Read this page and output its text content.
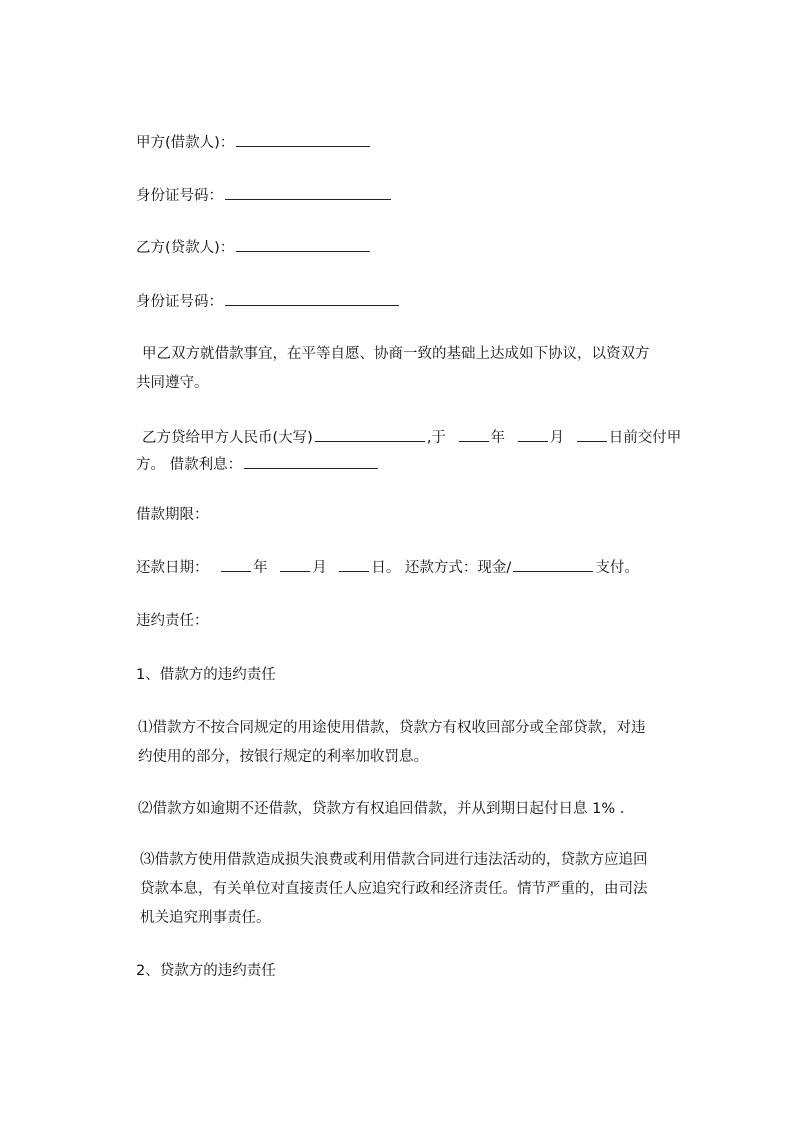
甲方(借款人)：
身份证号码：
乙方(贷款人)：
身份证号码：
甲乙双方就借款事宜，在平等自愿、协商一致的基础上达成如下协议，以资双方共同遵守。
乙方贷给甲方人民币(大写)	,于	年	月	日前交付甲
方。 借款利息：
借款期限：
还款日期：	年	月	日。 还款方式：现金/	支付。
违约责任：
1、借款方的违约责任
⑴借款方不按合同规定的用途使用借款，贷款方有权收回部分或全部贷款，对违约使用的部分，按银行规定的利率加收罚息。
⑵借款方如逾期不还借款，贷款方有权追回借款，并从到期日起付日息 1% .
⑶借款方使用借款造成损失浪费或利用借款合同进行违法活动的，贷款方应追回贷款本息，有关单位对直接责任人应追究行政和经济责任。情节严重的，由司法机关追究刑事责任。
2、贷款方的违约责任
